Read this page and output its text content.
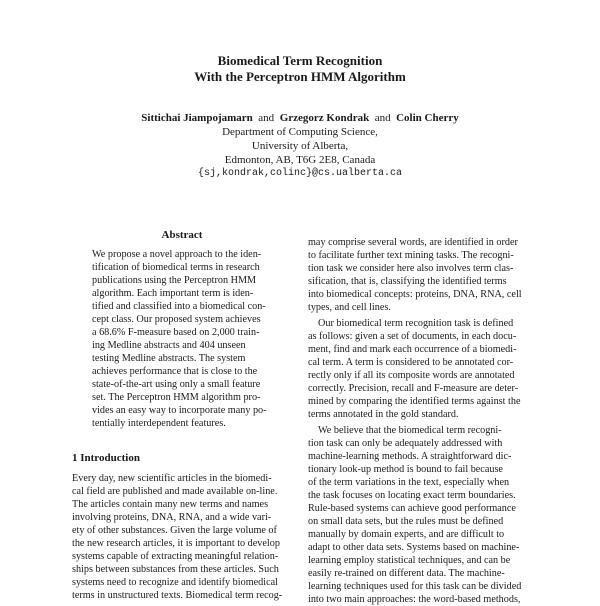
Biomedical Term Recognition
With the Perceptron HMM Algorithm
Sittichai Jiampojamarn and Grzegorz Kondrak and Colin Cherry
Department of Computing Science,
University of Alberta,
Edmonton, AB, T6G 2E8, Canada
{sj,kondrak,colinc}@cs.ualberta.ca
Abstract
We propose a novel approach to the iden-
tification of biomedical terms in research
publications using the Perceptron HMM
algorithm. Each important term is iden-
tified and classified into a biomedical con-
cept class. Our proposed system achieves
a 68.6% F-measure based on 2,000 train-
ing Medline abstracts and 404 unseen
testing Medline abstracts. The system
achieves performance that is close to the
state-of-the-art using only a small feature
set. The Perceptron HMM algorithm pro-
vides an easy way to incorporate many po-
tentially interdependent features.
1 Introduction
Every day, new scientific articles in the biomedi-
cal field are published and made available on-line.
The articles contain many new terms and names
involving proteins, DNA, RNA, and a wide vari-
ety of other substances. Given the large volume of
the new research articles, it is important to develop
systems capable of extracting meaningful relation-
ships between substances from these articles. Such
systems need to recognize and identify biomedical
terms in unstructured texts. Biomedical term recog-
may comprise several words, are identified in order
to facilitate further text mining tasks. The recogni-
tion task we consider here also involves term clas-
sification, that is, classifying the identified terms
into biomedical concepts: proteins, DNA, RNA, cell
types, and cell lines.
Our biomedical term recognition task is defined
as follows: given a set of documents, in each docu-
ment, find and mark each occurrence of a biomedi-
cal term. A term is considered to be annotated cor-
rectly only if all its composite words are annotated
correctly. Precision, recall and F-measure are deter-
mined by comparing the identified terms against the
terms annotated in the gold standard.
We believe that the biomedical term recogni-
tion task can only be adequately addressed with
machine-learning methods. A straightforward dic-
tionary look-up method is bound to fail because
of the term variations in the text, especially when
the task focuses on locating exact term boundaries.
Rule-based systems can achieve good performance
on small data sets, but the rules must be defined
manually by domain experts, and are difficult to
adapt to other data sets. Systems based on machine-
learning employ statistical techniques, and can be
easily re-trained on different data. The machine-
learning techniques used for this task can be divided
into two main approaches: the word-based methods,
